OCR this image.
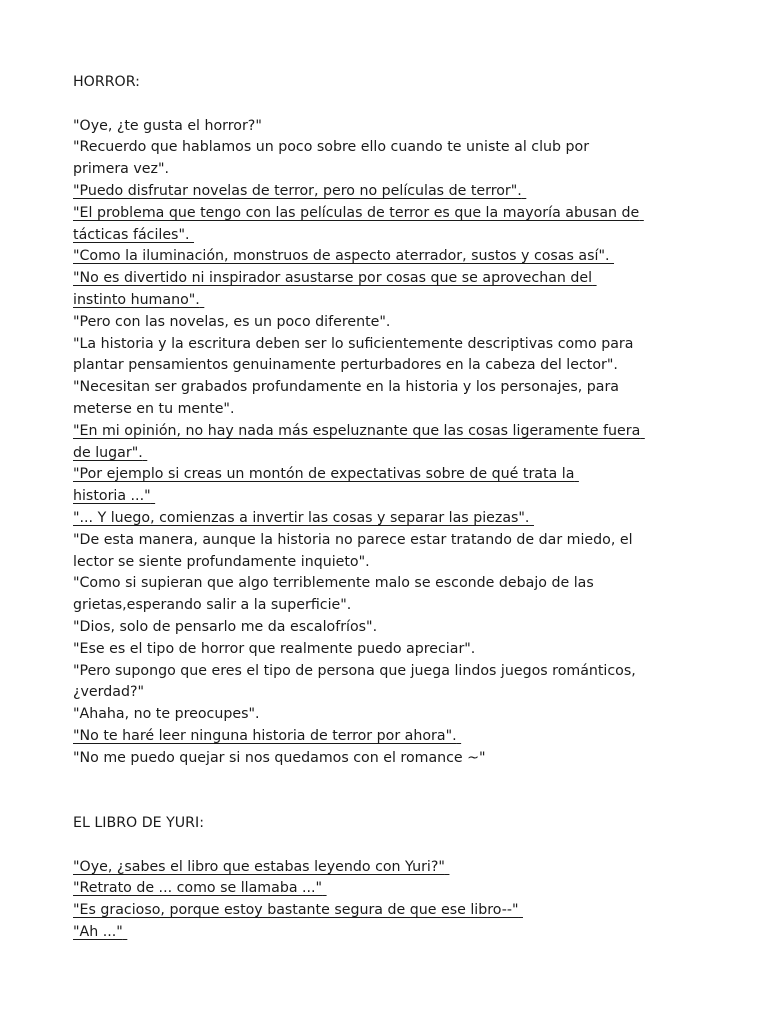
HORROR:

"Oye, ¿te gusta el horror?"

"Recuerdo que hablamos un poco sobre ello cuando te uniste al club por

primera vez".

"Puedo disfrutar novelas de terror, pero no películas de terror".

"El problema que tengo con las películas de terror es que la mayoría abusan de

tácticas fáciles".

"Como la iluminación, monstruos de aspecto aterrador, sustos y cosas así".

"No es divertido ni inspirador asustarse por cosas que se aprovechan del

instinto humano".

"Pero con las novelas, es un poco diferente".

"La historia y la escritura deben ser lo suficientemente descriptivas como para

plantar pensamientos genuinamente perturbadores en la cabeza del lector".

"Necesitan ser grabados profundamente en la historia y los personajes, para

meterse en tu mente".

"En mi opinión, no hay nada más espeluznante que las cosas ligeramente fuera

de lugar".

"Por ejemplo si creas un montón de expectativas sobre de qué trata la

historia ..."

"... Y luego, comienzas a invertir las cosas y separar las piezas".

"De esta manera, aunque la historia no parece estar tratando de dar miedo, el

lector se siente profundamente inquieto".

"Como si supieran que algo terriblemente malo se esconde debajo de las

grietas,esperando salir a la superficie".

"Dios, solo de pensarlo me da escalofríos".

"Ese es el tipo de horror que realmente puedo apreciar".

"Pero supongo que eres el tipo de persona que juega lindos juegos románticos,

¿verdad?"

"Ahaha, no te preocupes".

"No te haré leer ninguna historia de terror por ahora".

"No me puedo quejar si nos quedamos con el romance ~"

EL LIBRO DE YURI:

"Oye, ¿sabes el libro que estabas leyendo con Yuri?"

"Retrato de ... como se llamaba ..."

"Es gracioso, porque estoy bastante segura de que ese libro--"

"Ah ..."
